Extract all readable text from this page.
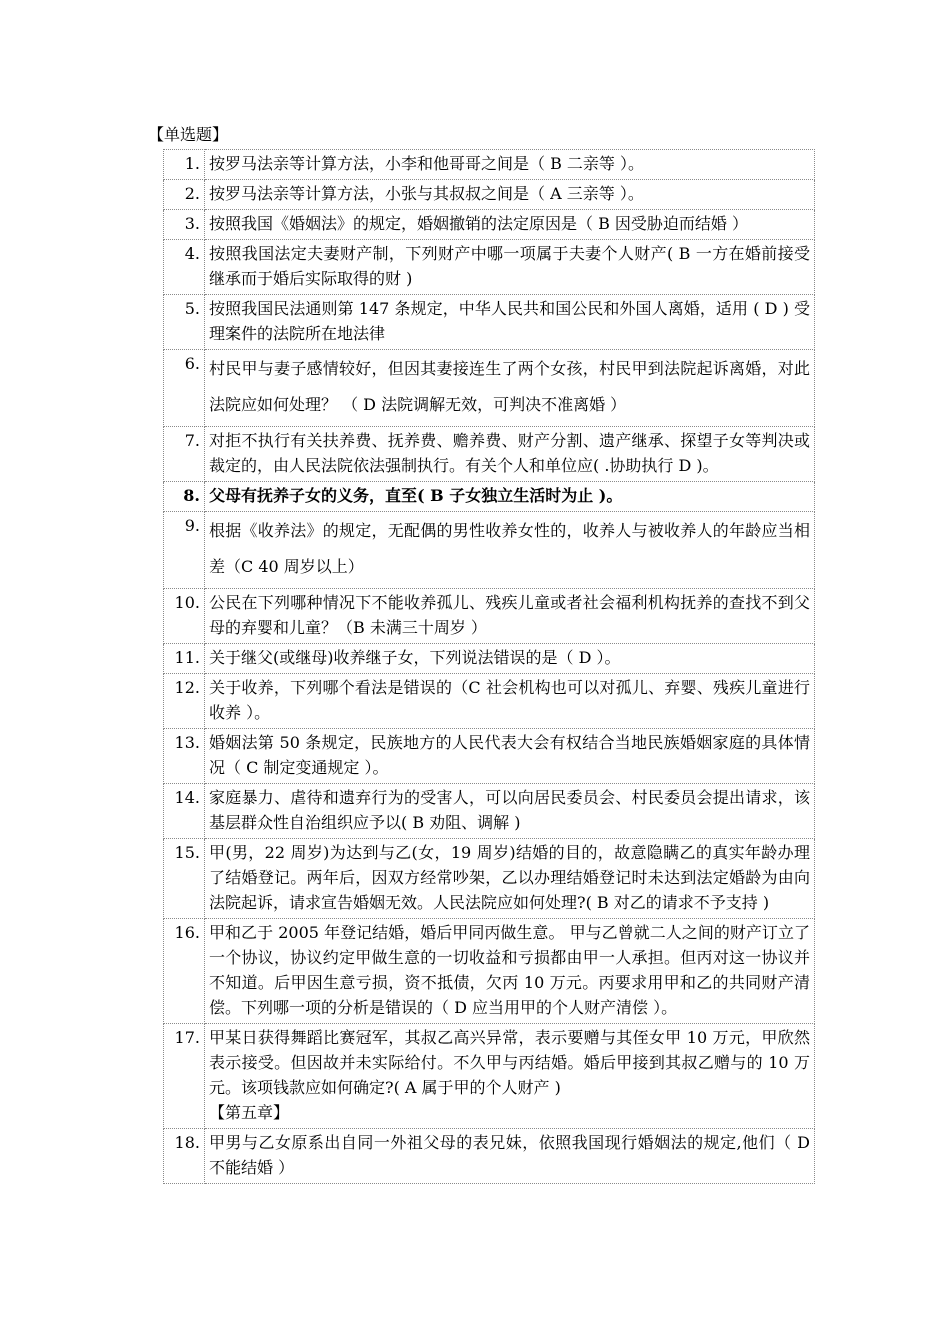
【单选题】
1.	按罗马法亲等计算方法，小李和他哥哥之间是（ B 二亲等 ）。
2.	按罗马法亲等计算方法，小张与其叔叔之间是（ A 三亲等 ）。
3.	按照我国《婚姻法》的规定，婚姻撤销的法定原因是（ B 因受胁迫而结婚 ）
4.	按照我国法定夫妻财产制，下列财产中哪一项属于夫妻个人财产( B 一方在婚前接受继承而于婚后实际取得的财 )
5.	按照我国民法通则第 147 条规定，中华人民共和国公民和外国人离婚，适用 ( D ) 受理案件的法院所在地法律
6.	村民甲与妻子感情较好，但因其妻接连生了两个女孩，村民甲到法院起诉离婚，对此法院应如何处理？ （ D 法院调解无效，可判决不准离婚 ）
7.	对拒不执行有关扶养费、抚养费、赡养费、财产分割、遗产继承、探望子女等判决或裁定的，由人民法院依法强制执行。有关个人和单位应( .协助执行 D )。
8.	父母有抚养子女的义务，直至( B 子女独立生活时为止 )。
9.	根据《收养法》的规定，无配偶的男性收养女性的，收养人与被收养人的年龄应当相差（C 40 周岁以上）
10.	公民在下列哪种情况下不能收养孤儿、残疾儿童或者社会福利机构抚养的查找不到父母的弃婴和儿童？（B 未满三十周岁 ）
11.	关于继父(或继母)收养继子女，下列说法错误的是（ D ）。
12.	关于收养，下列哪个看法是错误的（C 社会机构也可以对孤儿、弃婴、残疾儿童进行收养 ）。
13.	婚姻法第 50 条规定，民族地方的人民代表大会有权结合当地民族婚姻家庭的具体情况（ C 制定变通规定 ）。
14.	家庭暴力、虐待和遗弃行为的受害人，可以向居民委员会、村民委员会提出请求，该基层群众性自治组织应予以( B 劝阻、调解 )
15.	甲(男，22 周岁)为达到与乙(女，19 周岁)结婚的目的，故意隐瞒乙的真实年龄办理了结婚登记。两年后，因双方经常吵架，乙以办理结婚登记时未达到法定婚龄为由向法院起诉，请求宣告婚姻无效。人民法院应如何处理?( B 对乙的请求不予支持 )
16.	甲和乙于 2005 年登记结婚，婚后甲同丙做生意。 甲与乙曾就二人之间的财产订立了一个协议，协议约定甲做生意的一切收益和亏损都由甲一人承担。但丙对这一协议并不知道。后甲因生意亏损，资不抵债，欠丙 10 万元。丙要求用甲和乙的共同财产清偿。下列哪一项的分析是错误的（ D 应当用甲的个人财产清偿 ）。
17.	甲某日获得舞蹈比赛冠军，其叔乙高兴异常，表示要赠与其侄女甲 10 万元，甲欣然表示接受。但因故并未实际给付。不久甲与丙结婚。婚后甲接到其叔乙赠与的 10 万元。该项钱款应如何确定?( A 属于甲的个人财产 )
【第五章】

18.	甲男与乙女原系出自同一外祖父母的表兄妹，依照我国现行婚姻法的规定,他们（ D 不能结婚 ）
